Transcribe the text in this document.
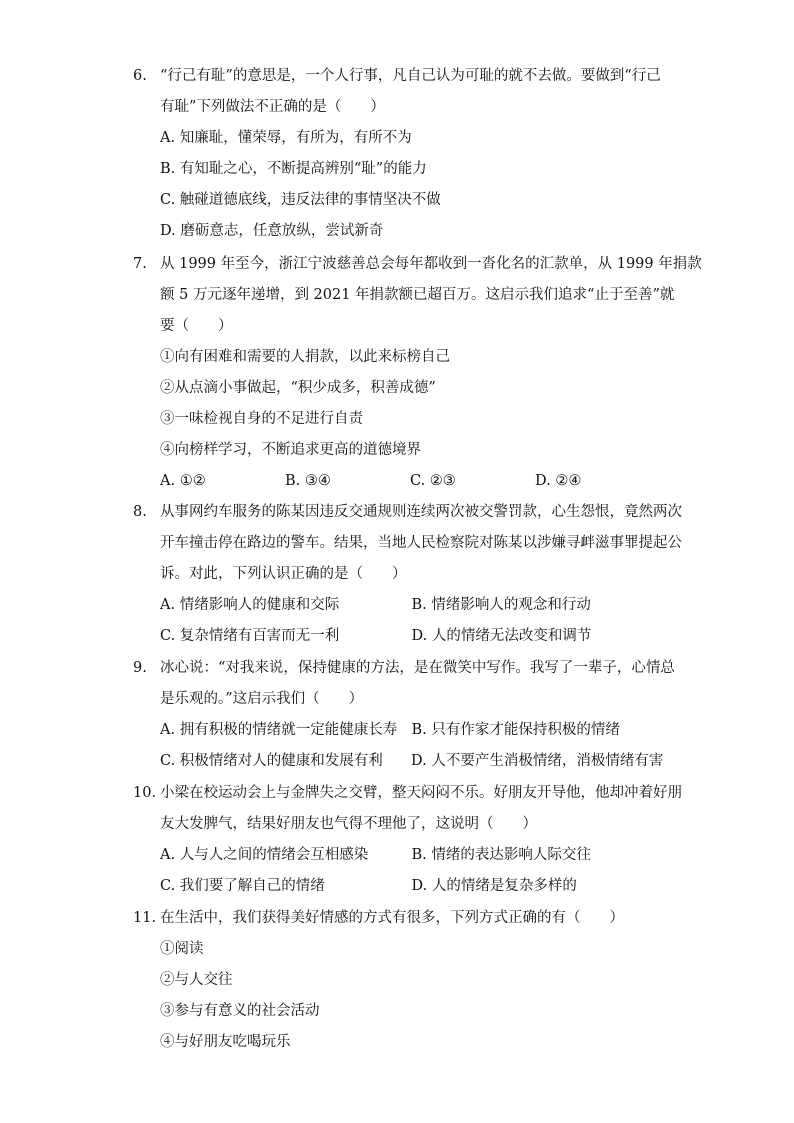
6. “行己有耻”的意思是，一个人行事，凡自己认为可耻的就不去做。要做到“行己
有耻”下列做法不正确的是（　　）
A. 知廉耻，懂荣辱，有所为，有所不为
B. 有知耻之心，不断提高辨别“耻”的能力
C. 触碰道德底线，违反法律的事情坚决不做
D. 磨砺意志，任意放纵，尝试新奇
7. 从 1999 年至今，浙江宁波慈善总会每年都收到一沓化名的汇款单，从 1999 年捐款
额 5 万元逐年递增，到 2021 年捐款额已超百万。这启示我们追求“止于至善”就
要（　　）
①向有困难和需要的人捐款，以此来标榜自己
②从点滴小事做起，“积少成多，积善成德”
③一味检视自身的不足进行自责
④向榜样学习，不断追求更高的道德境界
A. ①②	B. ③④	C. ②③	D. ②④
8. 从事网约车服务的陈某因违反交通规则连续两次被交警罚款，心生怨恨，竟然两次
开车撞击停在路边的警车。结果，当地人民检察院对陈某以涉嫌寻衅滋事罪提起公
诉。对此，下列认识正确的是（　　）
A. 情绪影响人的健康和交际	B. 情绪影响人的观念和行动
C. 复杂情绪有百害而无一利	D. 人的情绪无法改变和调节
9. 冰心说：“对我来说，保持健康的方法，是在微笑中写作。我写了一辈子，心情总
是乐观的。”这启示我们（　　）
A. 拥有积极的情绪就一定能健康长寿 B. 只有作家才能保持积极的情绪
C. 积极情绪对人的健康和发展有利	D. 人不要产生消极情绪，消极情绪有害
10. 小梁在校运动会上与金牌失之交臂，整天闷闷不乐。好朋友开导他，他却冲着好朋
友大发脾气，结果好朋友也气得不理他了，这说明（　　）
A. 人与人之间的情绪会互相感染	B. 情绪的表达影响人际交往
C. 我们要了解自己的情绪	D. 人的情绪是复杂多样的
11. 在生活中，我们获得美好情感的方式有很多，下列方式正确的有（　　）
①阅读
②与人交往
③参与有意义的社会活动
④与好朋友吃喝玩乐
